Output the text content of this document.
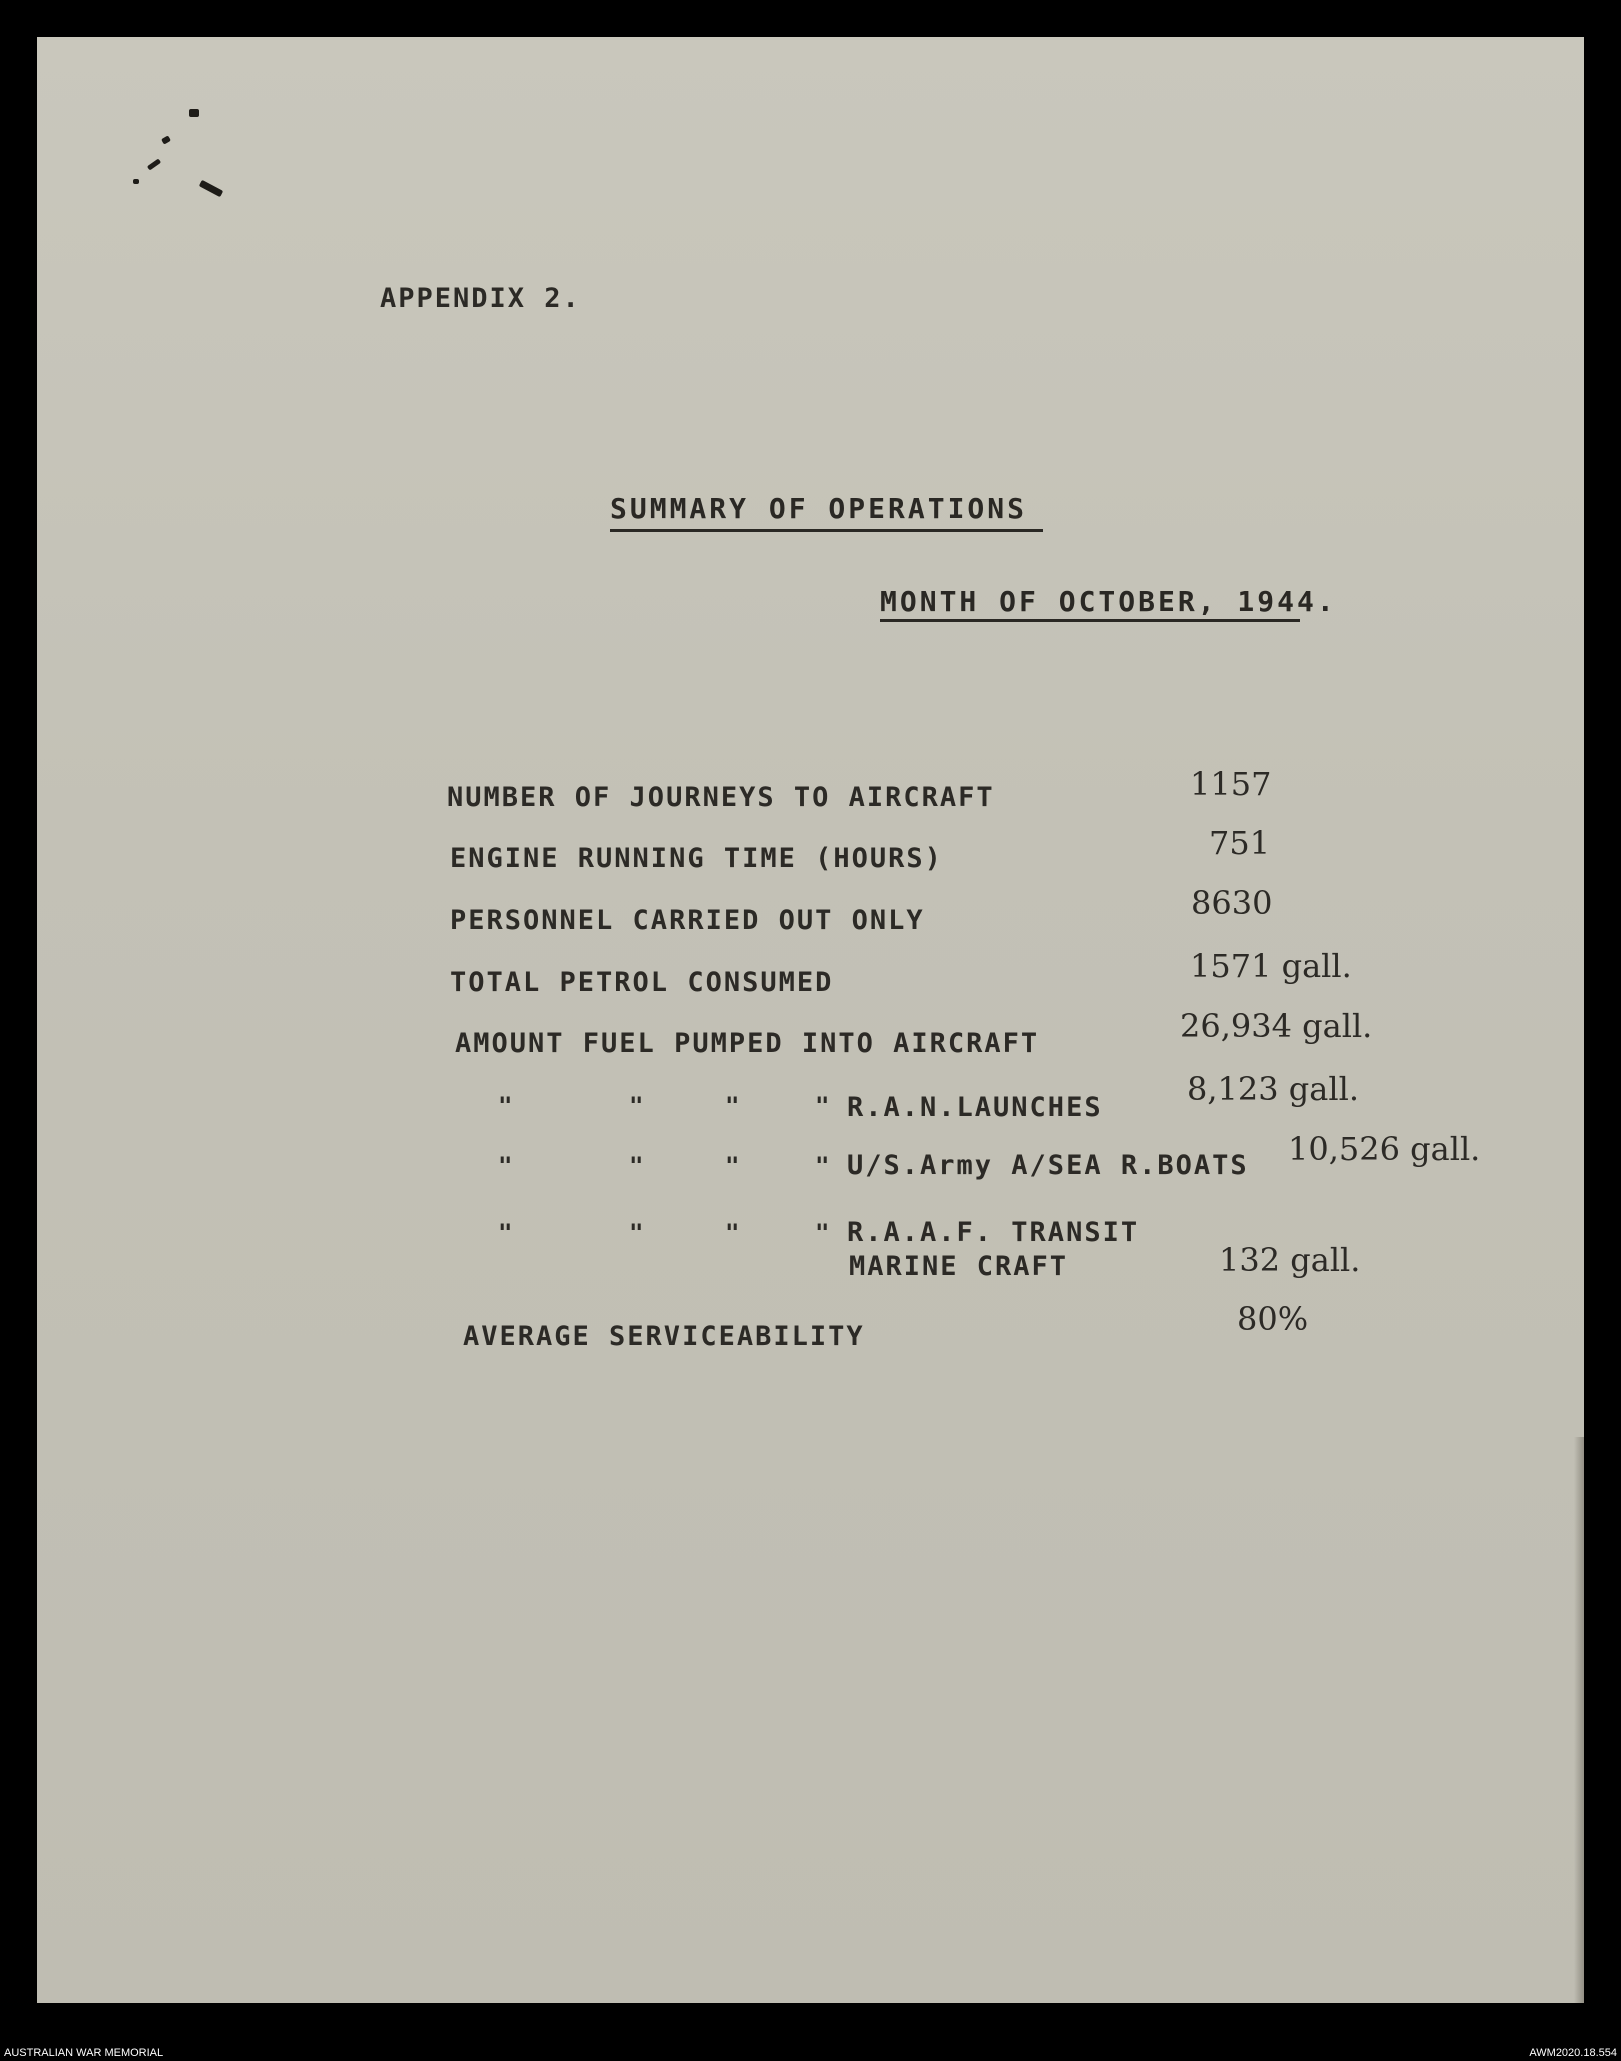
APPENDIX 2.
SUMMARY OF OPERATIONS
MONTH OF OCTOBER, 1944.
NUMBER OF JOURNEYS TO AIRCRAFT	1157
ENGINE RUNNING TIME (HOURS)	751
PERSONNEL CARRIED OUT ONLY	8630
TOTAL PETROL CONSUMED	1571 gall.
AMOUNT FUEL PUMPED INTO AIRCRAFT	26,934 gall.
"	"	"	" R.A.N.LAUNCHES	8,123 gall.
"	"	"	" U/S.Army A/SEA R.BOATS 10,526 gall.
"	"	"	" R.A.A.F. TRANSIT
MARINE CRAFT	132 gall.
AVERAGE SERVICEABILITY	80%
AUSTRALIAN WAR MEMORIAL	AWM2020.18.554
